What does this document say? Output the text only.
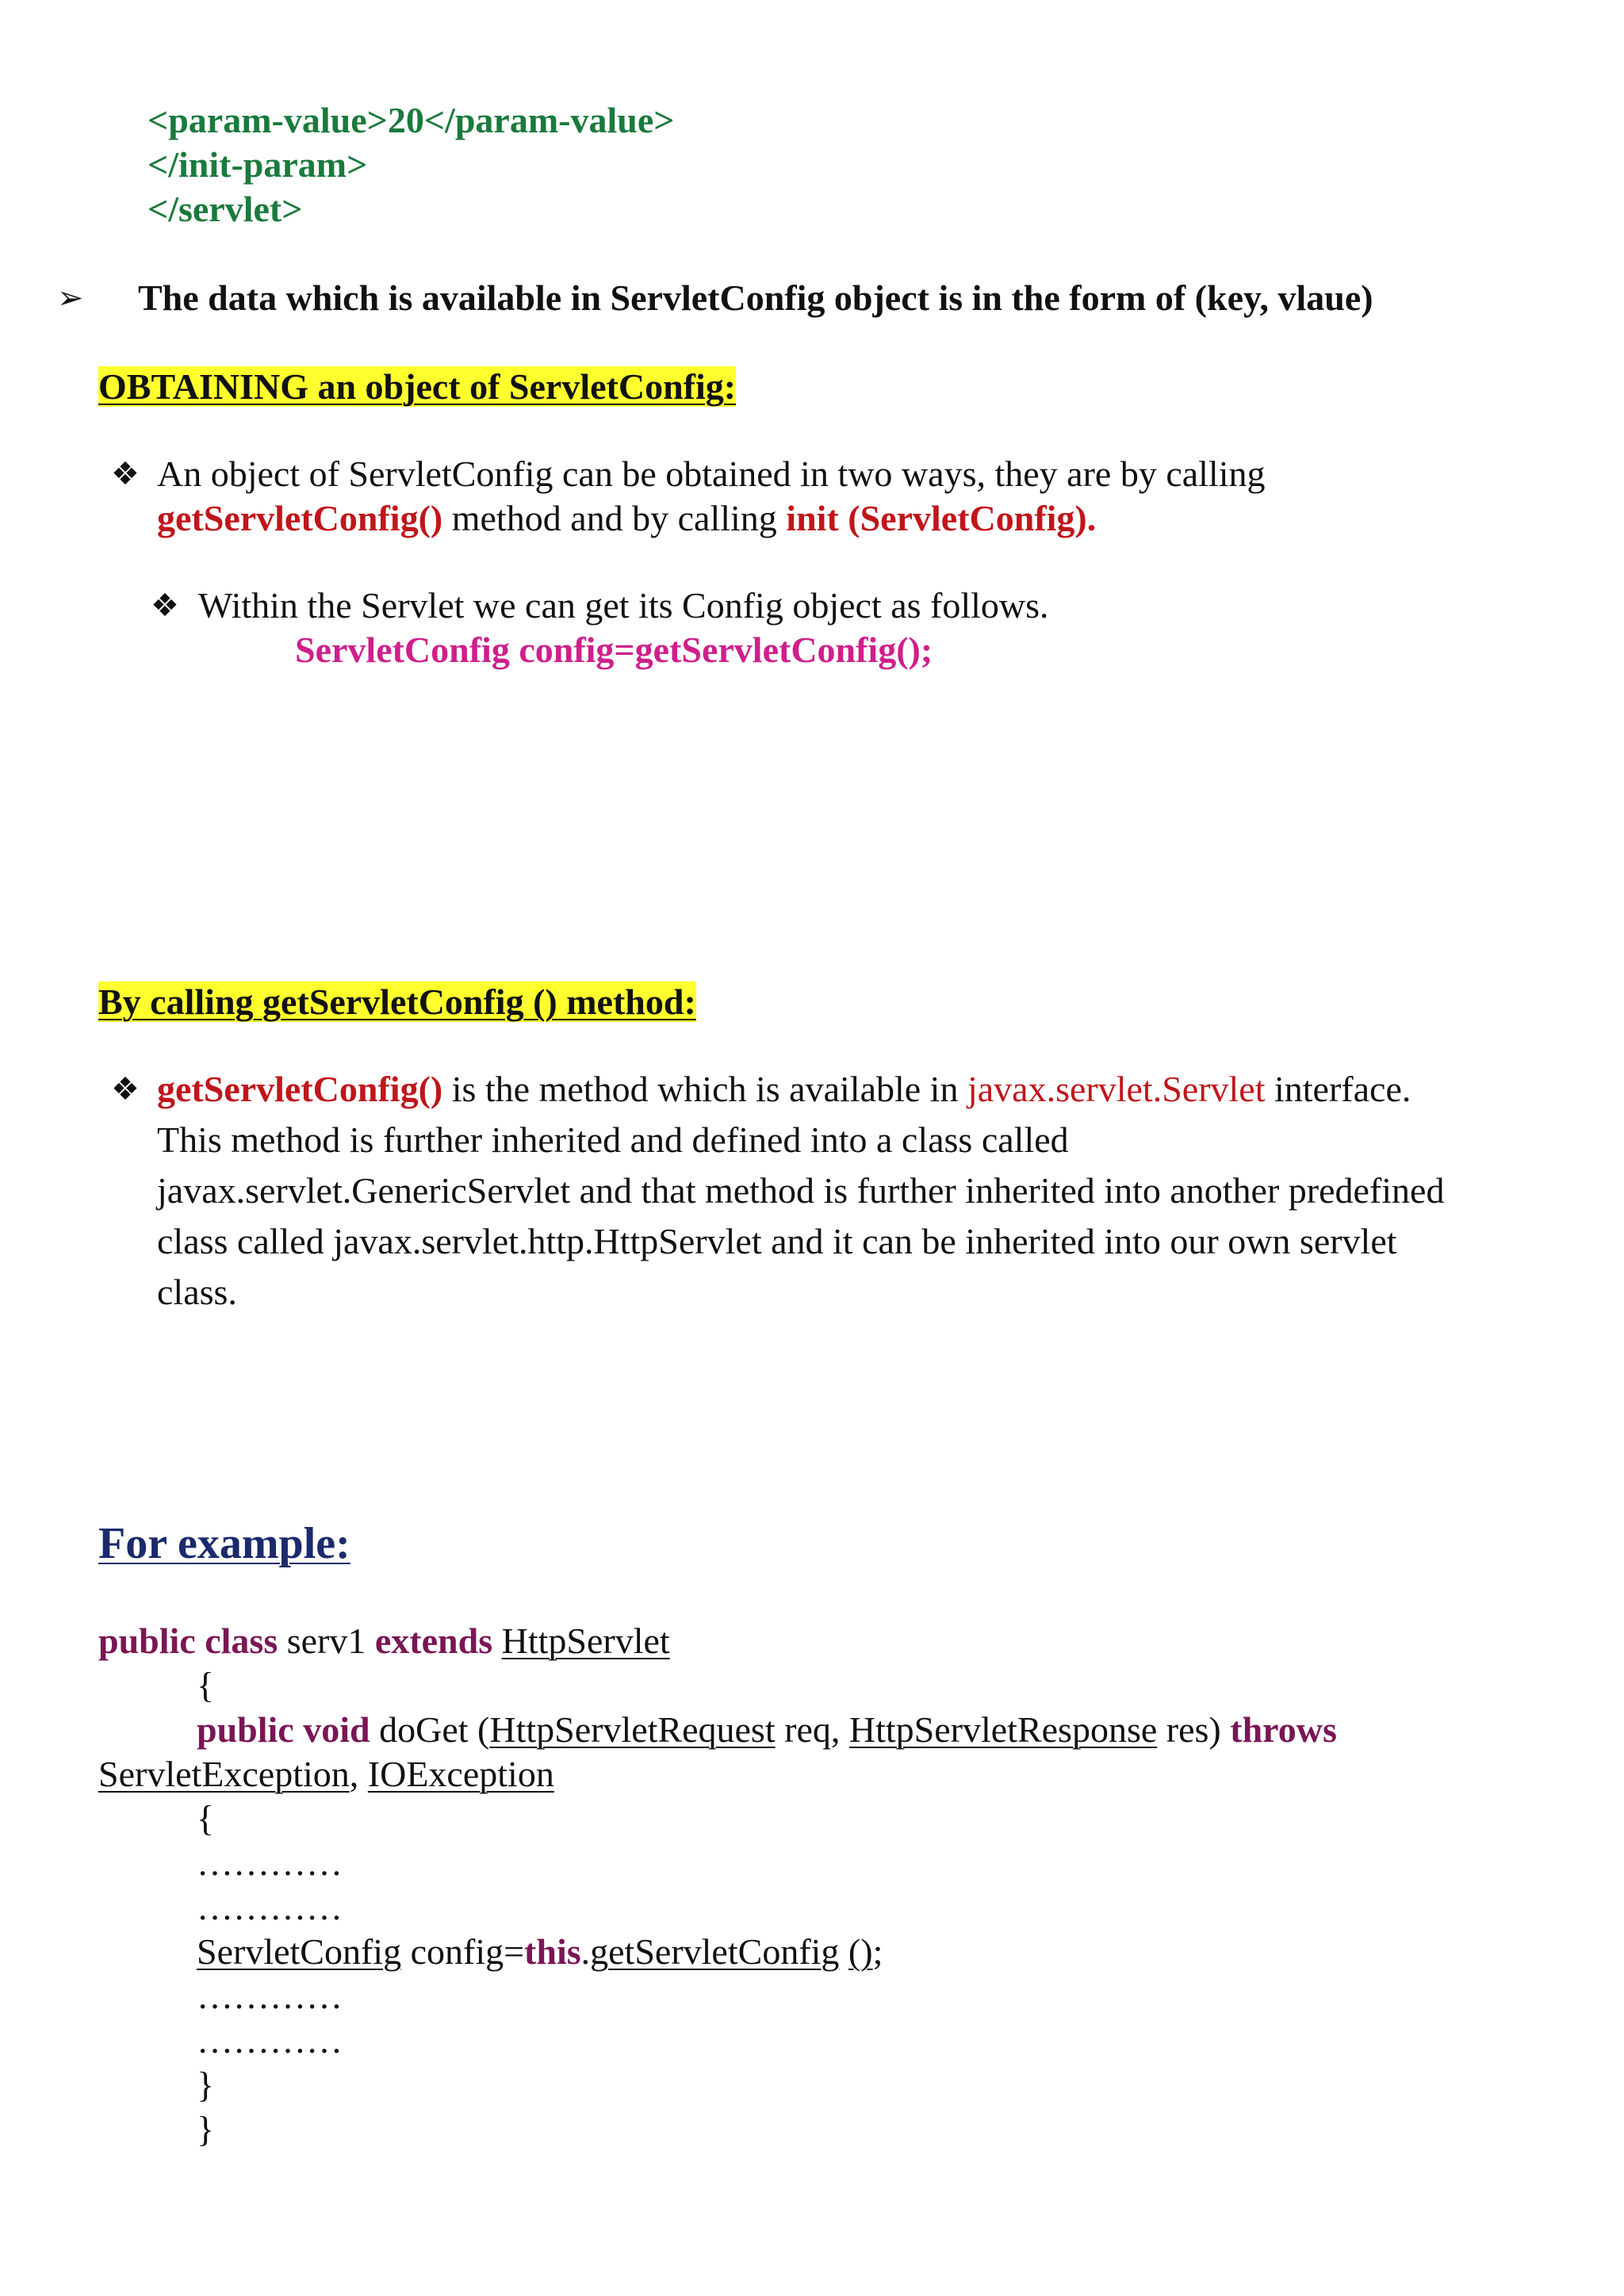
<param-value>20</param-value>
</init-param>
</servlet>
➢ The data which is available in ServletConfig object is in the form of (key, vlaue)
OBTAINING an object of ServletConfig:
❖ An object of ServletConfig can be obtained in two ways, they are by calling
getServletConfig() method and by calling init (ServletConfig).
❖ Within the Servlet we can get its Config object as follows.
ServletConfig config=getServletConfig();
By calling getServletConfig () method:
❖ getServletConfig() is the method which is available in javax.servlet.Servlet interface.
This method is further inherited and defined into a class called
javax.servlet.GenericServlet and that method is further inherited into another predefined
class called javax.servlet.http.HttpServlet and it can be inherited into our own servlet
class.
For example:
public class serv1 extends HttpServlet
{
public void doGet (HttpServletRequest req, HttpServletResponse res) throws
ServletException, IOException
{
…………
…………
ServletConfig config=this.getServletConfig ();
…………
…………
}
}
